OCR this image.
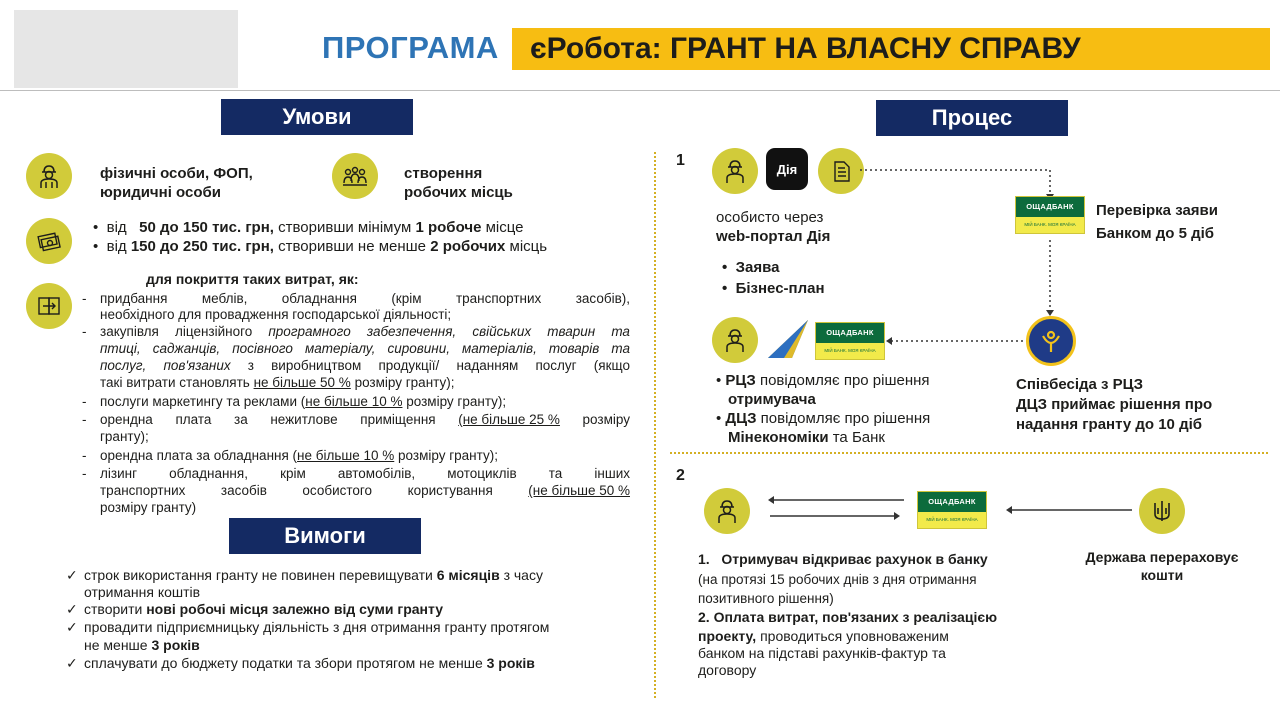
ПРОГРАМА єРобота: ГРАНТ НА ВЛАСНУ СПРАВУ
Умови
фізичні особи, ФОП,
юридичні особи
створення
робочих місць
•  від 50 до 150 тис. грн, створивши мінімум 1 робоче місце
•  від 150 до 250 тис. грн, створивши не менше 2 робочих місць
для покриття таких витрат, як:
- придбання	меблів,	обладнання	(крім	транспортних	засобів),
необхідного для провадження господарської діяльності;
- закупівля ліцензійного програмного забезпечення, свійських тварин та
птиці, саджанців, посівного матеріалу, сировини, матеріалів, товарів та
послуг, пов'язаних з виробництвом продукції/ наданням послуг (якщо
такі витрати становлять не більше 50 % розміру гранту);
- послуги маркетингу та реклами (не більше 10 % розміру гранту);
- орендна плата за нежитлове приміщення (не більше 25 % розміру
гранту);
- орендна плата за обладнання (не більше 10 % розміру гранту);
- лізинг обладнання, крім автомобілів, мотоциклів та інших
транспортних	засобів	особистого	користування	(не більше 50 %
розміру гранту)
Вимоги
✓ строк використання гранту не повинен перевищувати 6 місяців з часу
отримання коштів
✓ створити нові робочі місця залежно від суми гранту
✓ провадити підприємницьку діяльність з дня отримання гранту протягом
не менше 3 років
✓ сплачувати до бюджету податки та збори протягом не менше 3 років
Процес
1	Дія
особисто через
web-портал Дія
•  Заява
•  Бізнес-план
ОЩАДБАНК
МІЙ БАНК. МОЯ КРАЇНА
Перевірка заяви
Банком до 5 діб
Співбесіда з РЦЗ
ДЦЗ приймає рішення про
надання гранту до 10 діб
ОЩАДБАНК
МІЙ БАНК. МОЯ КРАЇНА
• РЦЗ повідомляє про рішення
отримувача
• ДЦЗ повідомляє про рішення
Мінекономіки та Банк
2
ОЩАДБАНК
МІЙ БАНК. МОЯ КРАЇНА
Держава перераховує
кошти
1. Отримувач відкриває рахунок в банку
(на протязі 15 робочих днів з дня отримання
позитивного рішення)
2. Оплата витрат, пов'язаних з реалізацією
проекту, проводиться уповноваженим
банком на підставі рахунків-фактур та
договору
